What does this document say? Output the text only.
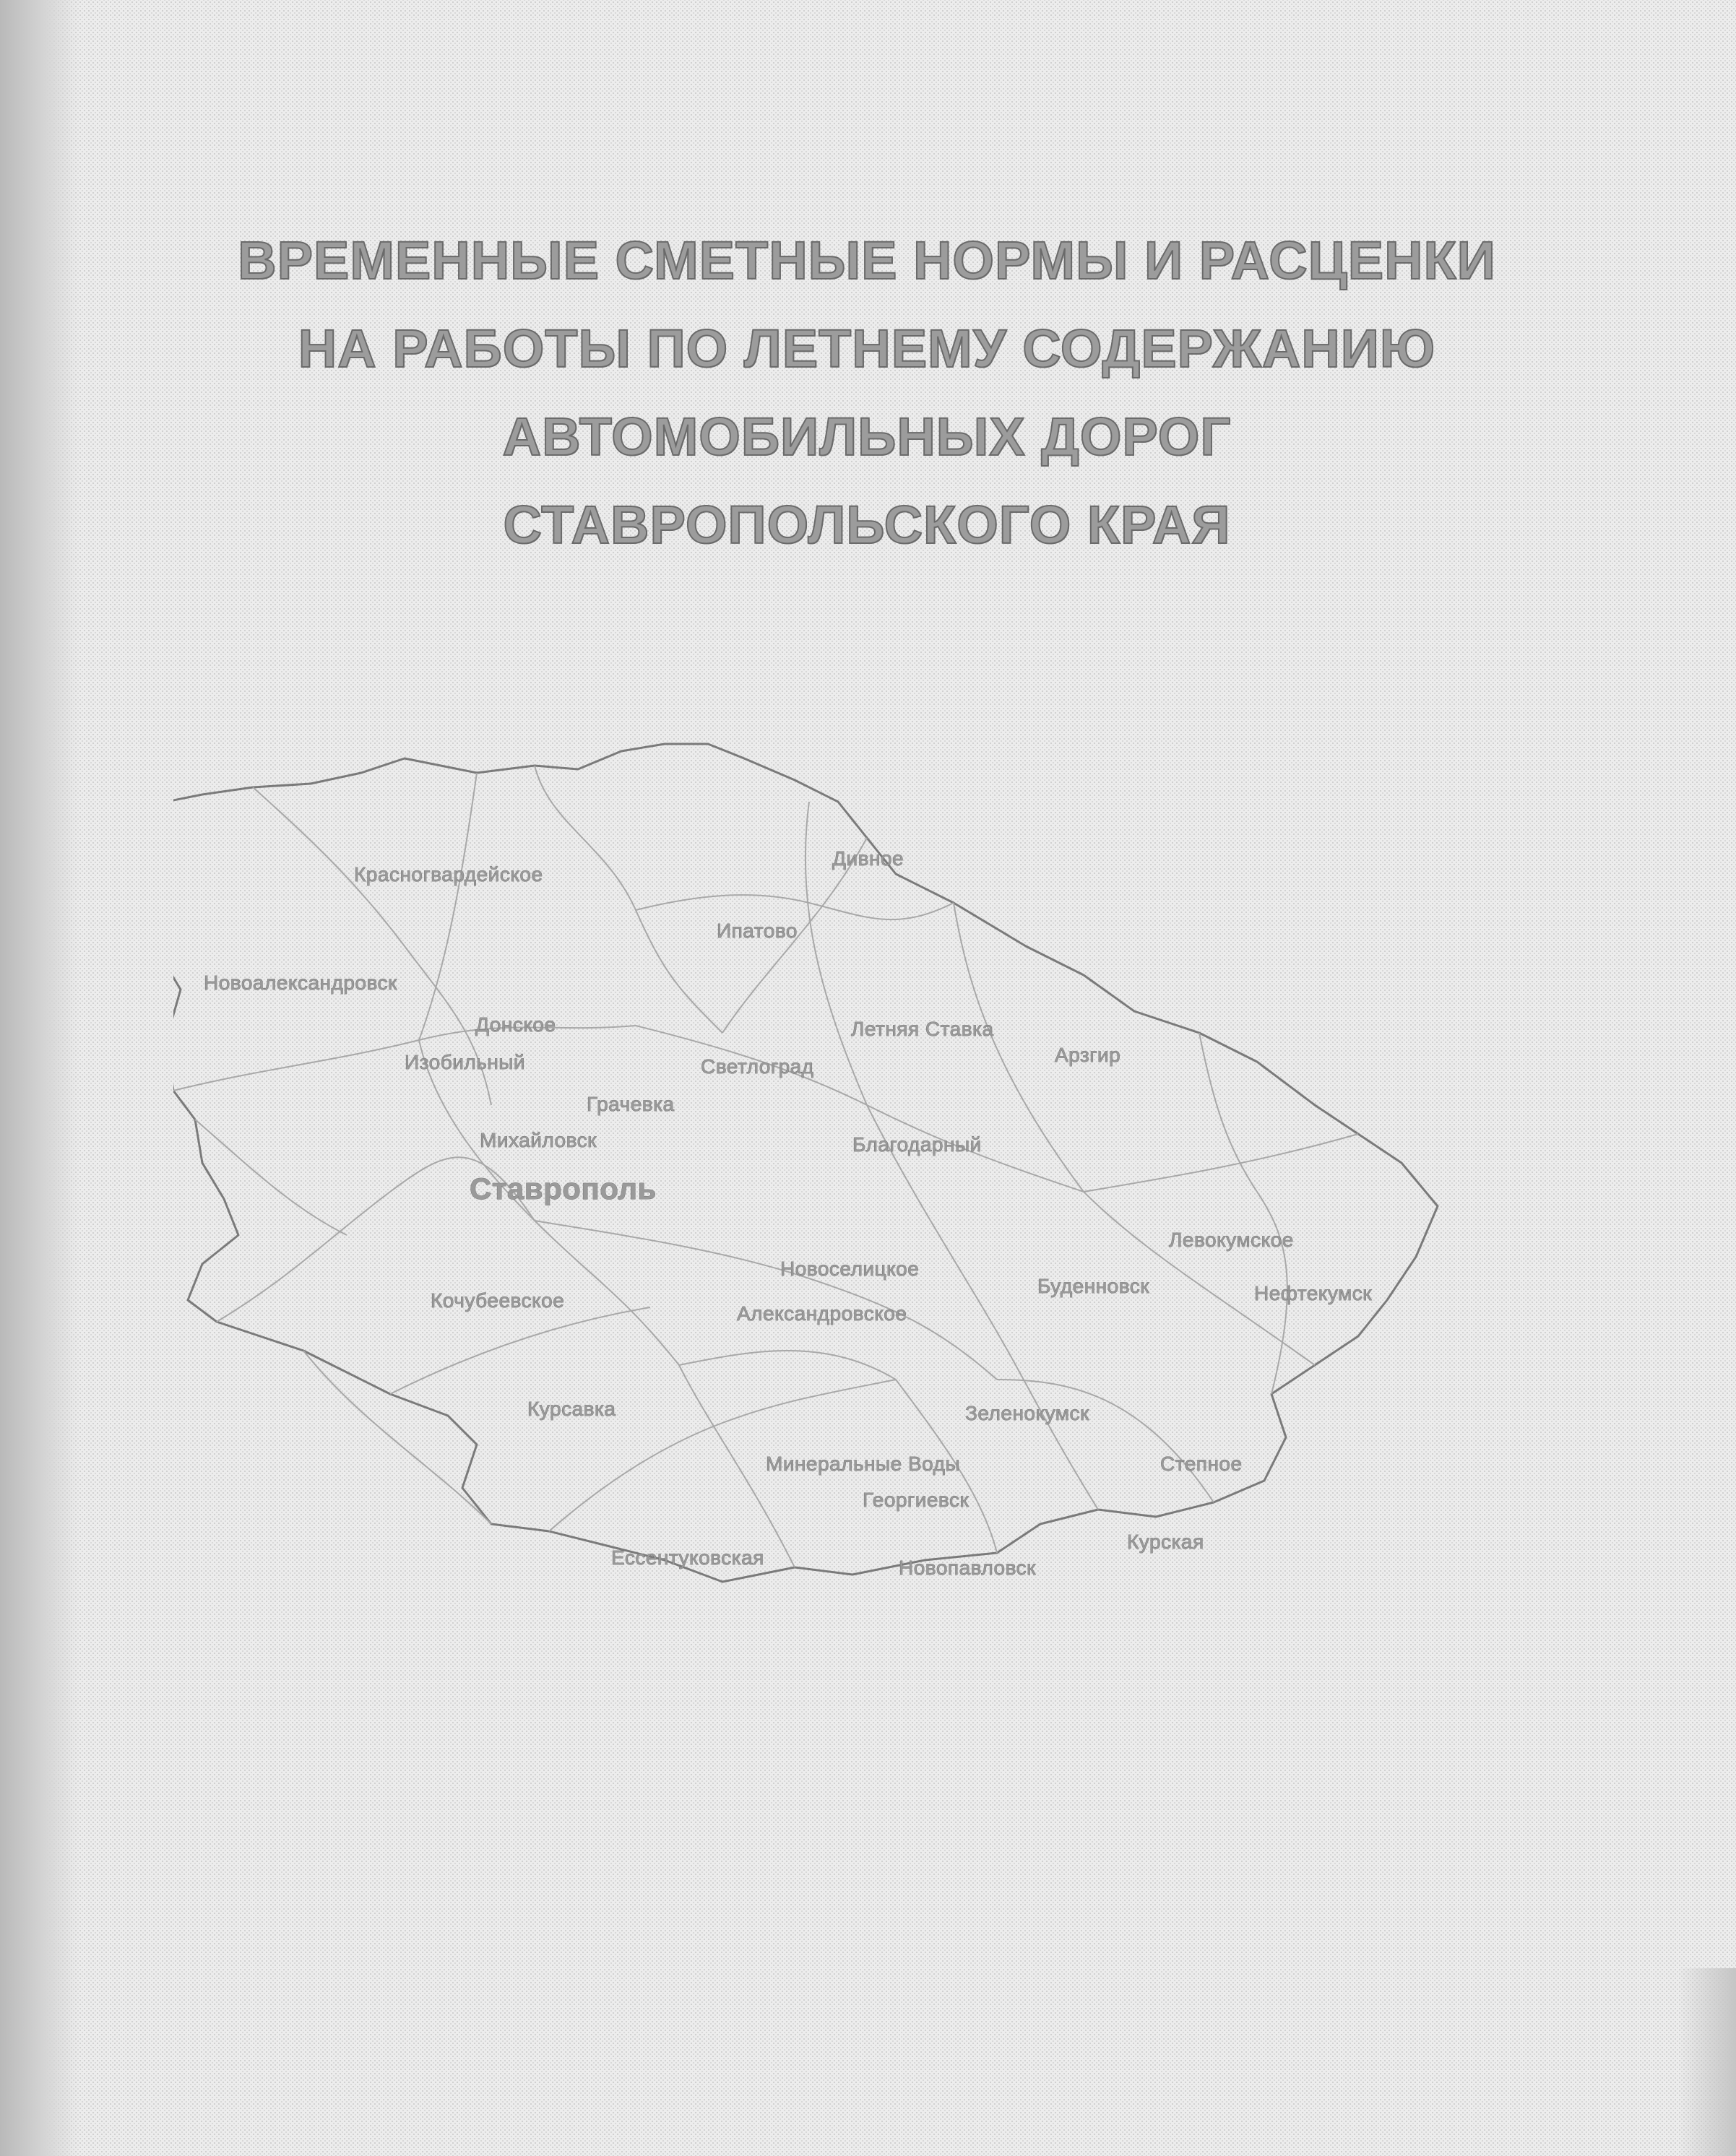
ВРЕМЕННЫЕ СМЕТНЫЕ НОРМЫ И РАСЦЕНКИ
НА РАБОТЫ ПО ЛЕТНЕМУ СОДЕРЖАНИЮ
АВТОМОБИЛЬНЫХ ДОРОГ
СТАВРОПОЛЬСКОГО КРАЯ
Красногвардейское
Дивное
Ипатово
Новоалександровск
Донское
Изобильный
Летняя Ставка
Светлоград
Арзгир
Грачевка
Михайловск	Благодарный
Ставрополь
Левокумское
Новоселицкое
Буденновск	Нефтекумск
Кочубеевское
Александровское
Курсавка	Зеленокумск
Минеральные Воды	Степное
Георгиевск
Курская
Ессентуковская	Новопавловск
